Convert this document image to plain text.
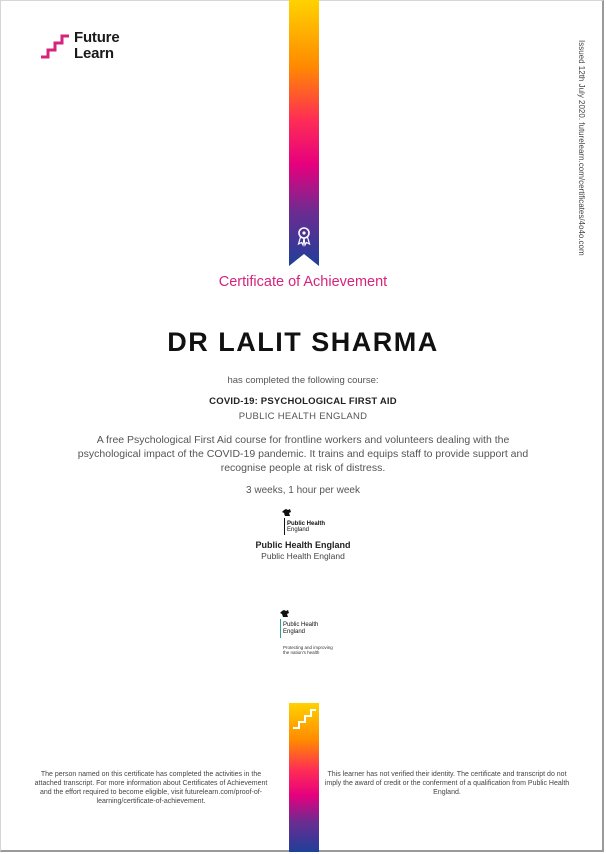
Future
Learn	Issued 12th July 2020. futurelearn.com/certificates/4o4o.com
Certificate of Achievement
DR LALIT SHARMA
has completed the following course:
COVID-19: PSYCHOLOGICAL FIRST AID
PUBLIC HEALTH ENGLAND
A free Psychological First Aid course for frontline workers and volunteers dealing with the psychological impact of the COVID-19 pandemic. It trains and equips staff to provide support and recognise people at risk of distress.
3 weeks, 1 hour per week
Public Health
England
Public Health England
Public Health England
Public Health
England
Protecting and improving the nation's health
The person named on this certificate has completed the activities in the attached transcript. For more information about Certificates of Achievement and the effort required to become eligible, visit futurelearn.com/proof-of-learning/certificate-of-achievement.
This learner has not verified their identity. The certificate and transcript do not imply the award of credit or the conferment of a qualification from Public Health England.
